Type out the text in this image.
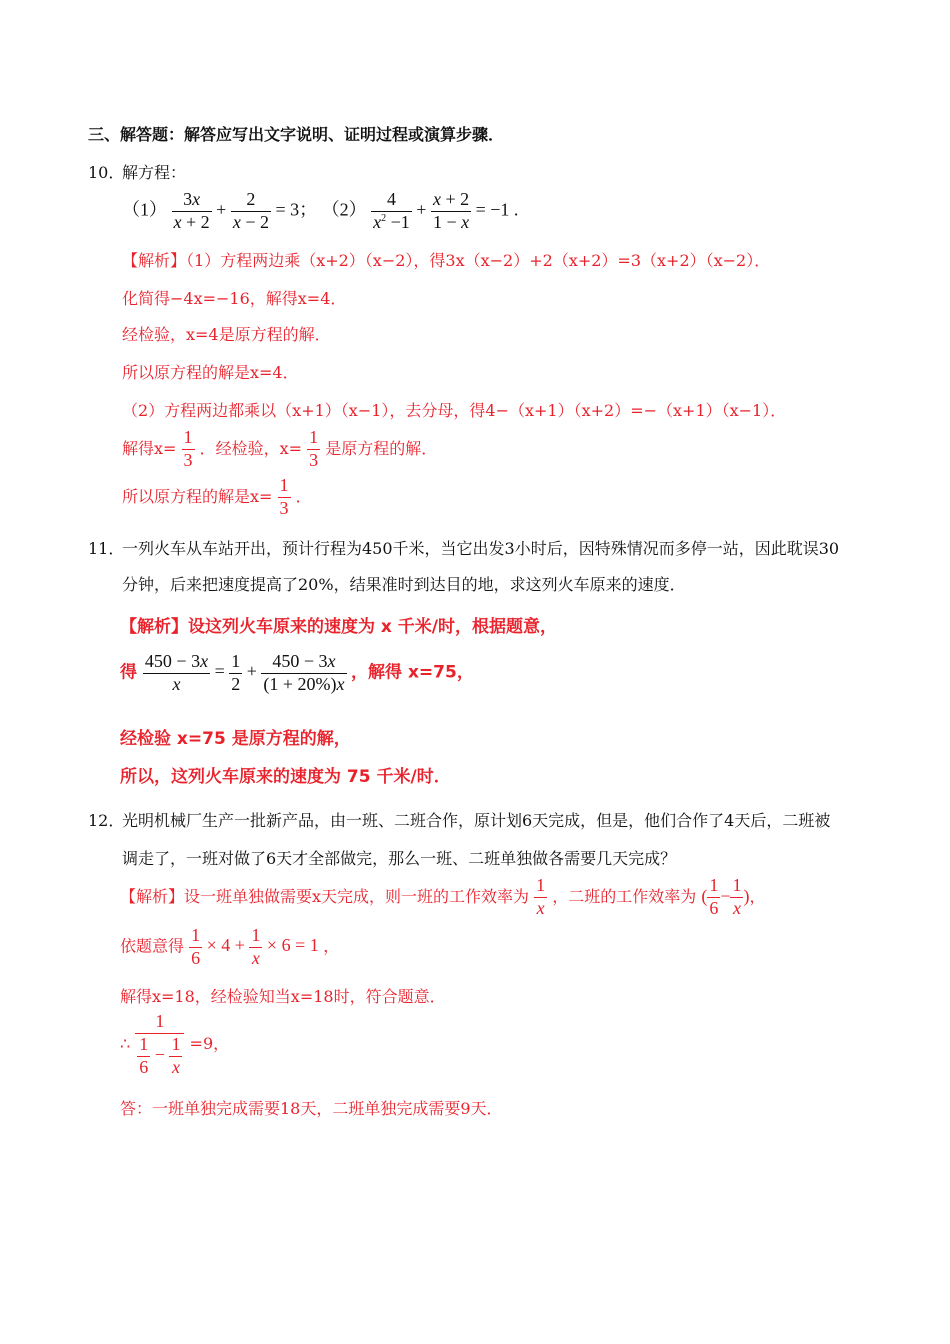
三、解答题：解答应写出文字说明、证明过程或演算步骤．
10．
解方程：
$(1) \frac{3x}{x + 2} + \frac{2}{x - 2} = 3$； $(2) \frac{4}{x^2 -1} + \frac{x + 2}{1 - x} = -1$ .
【解析】（1）方程两边乘（x+2）（x−2），得3x（x−2）+2（x+2）=3（x+2）（x−2）．
化简得−4x=−16，解得x=4．
经检验，x=4是原方程的解．
所以原方程的解是x=4．
（2）方程两边都乘以（x+1）（x−1），去分母，得4−（x+1）（x+2）=−（x+1）（x−1）．
解得$x= \frac{1}{3}$ ．经检验，$x= \frac{1}{3}$ 是原方程的解．
所以原方程的解是$x= \frac{1}{3}$ ．
11．
一列火车从车站开出，预计行程为450千米，当它出发3小时后，因特殊情况而多停一站，因此耽误30
分钟，后来把速度提高了20%，结果准时到达目的地，求这列火车原来的速度．
【解析】设这列火车原来的速度为 x 千米/时，根据题意，
得 $\frac{450 - 3x}{x} = \frac{1}{2} + \frac{450 - 3x}{(1 + 20\%)x}$ ，解得 x=75，
经检验 x=75 是原方程的解，
所以，这列火车原来的速度为 75 千米/时．
12．
光明机械厂生产一批新产品，由一班、二班合作，原计划6天完成，但是，他们合作了4天后，二班被
调走了，一班对做了6天才全部做完，那么一班、二班单独做各需要几天完成？
【解析】设一班单独做需要x天完成，则一班的工作效率为 $\frac{1}{x}$ ，二班的工作效率为 ( $\frac{1}{6} - \frac{1}{x}$ )，
依题意得 $\frac{1}{6} \times 4 + \frac{1}{x} \times 6 = 1$ ，
解得x=18，经检验知当x=18时，符合题意．
∴ $\frac{1}{\frac{1}{6} - \frac{1}{x}} =9$，
答：一班单独完成需要18天，二班单独完成需要9天．
